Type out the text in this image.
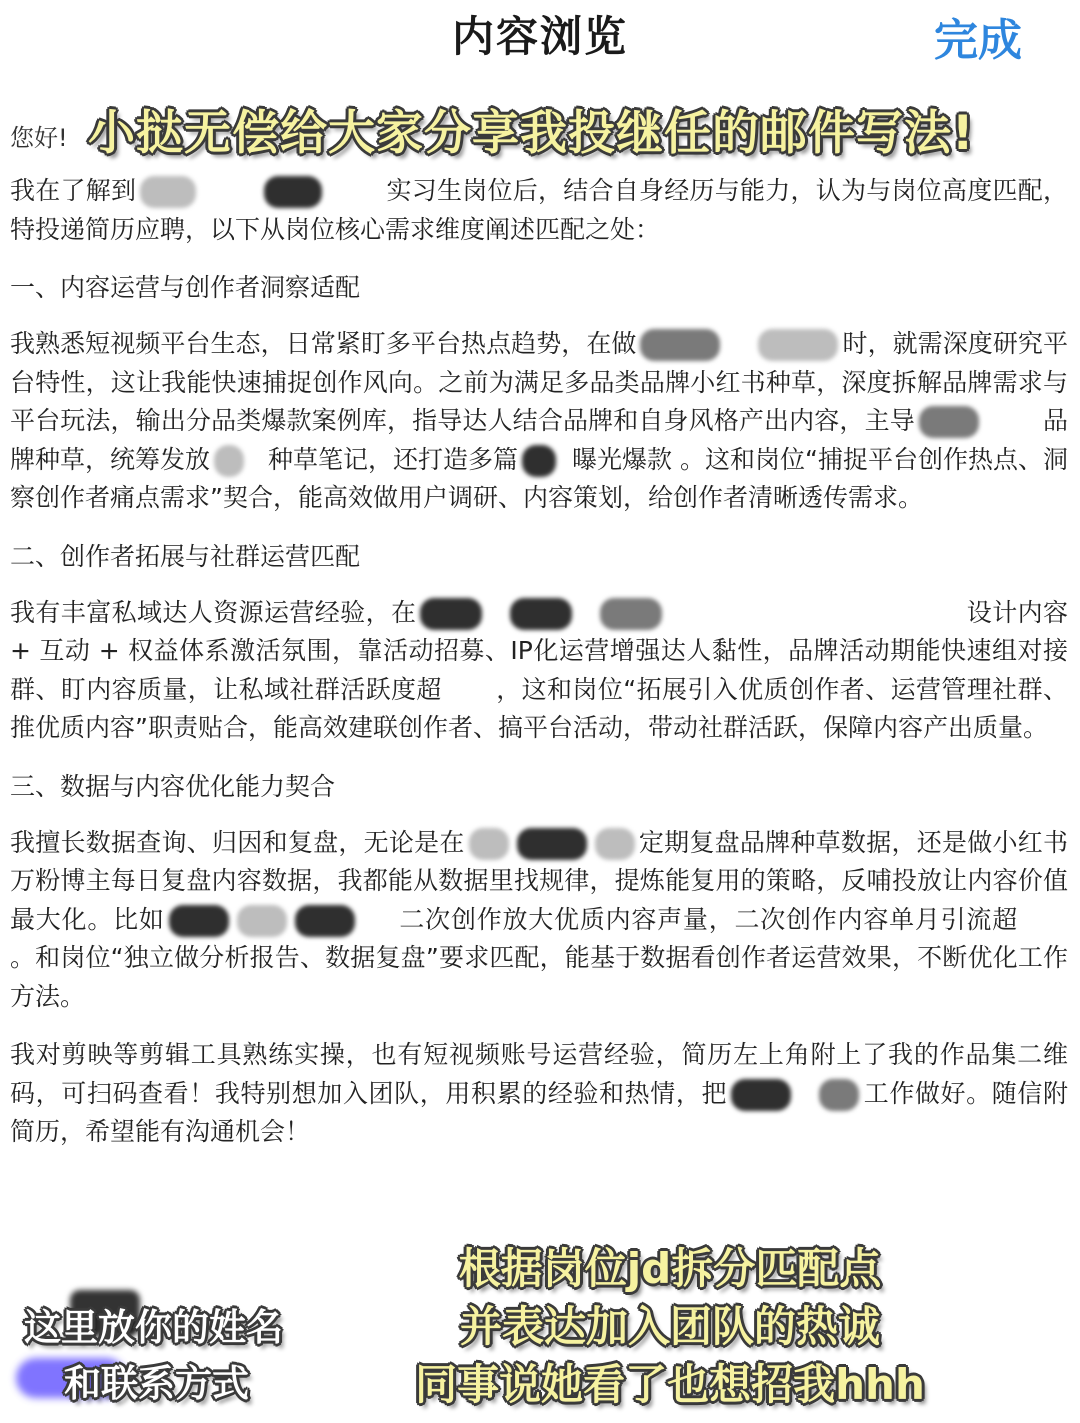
内容浏览	完成
您好! 小挞无偿给大家分享我投继任的邮件写法!

我在了解到	实习生岗位后，结合自身经历与能力，认为与岗位高度匹配，特投递简历应聘，以下从岗位核心需求维度阐述匹配之处：

一、内容运营与创作者洞察适配

我熟悉短视频平台生态，日常紧盯多平台热点趋势，在做	时，就需深度研究平台特性，这让我能快速捕捉创作风向。之前为满足多品类品牌小红书种草，深度拆解品牌需求与平台玩法，输出分品类爆款案例库，指导达人结合品牌和自身风格产出内容，主导	品牌种草，统筹发放 种草笔记，还打造多篇 曝光爆款 。这和岗位“捕捉平台创作热点、洞察创作者痛点需求”契合，能高效做用户调研、内容策划，给创作者清晰透传需求。

二、创作者拓展与社群运营匹配

我有丰富私域达人资源运营经验，在	设计内容 + 互动 + 权益体系激活氛围，靠活动招募、IP化运营增强达人黏性，品牌活动期能快速组对接群、盯内容质量，让私域社群活跃度超 ，这和岗位“拓展引入优质创作者、运营管理社群、推优质内容”职责贴合，能高效建联创作者、搞平台活动，带动社群活跃，保障内容产出质量。

三、数据与内容优化能力契合

我擅长数据查询、归因和复盘，无论是在	定期复盘品牌种草数据，还是做小红书万粉博主每日复盘内容数据，我都能从数据里找规律，提炼能复用的策略，反哺投放让内容价值最大化。比如	二次创作放大优质内容声量，二次创作内容单月引流超。和岗位“独立做分析报告、数据复盘”要求匹配，能基于数据看创作者运营效果，不断优化工作方法。

我对剪映等剪辑工具熟练实操，也有短视频账号运营经验，简历左上角附上了我的作品集二维码，可扫码查看！我特别想加入团队，用积累的经验和热情，把	工作做好。随信附简历，希望能有沟通机会！

这里放你的姓名
和联系方式
根据岗位jd拆分匹配点
并表达加入团队的热诚
同事说她看了也想招我hhh
